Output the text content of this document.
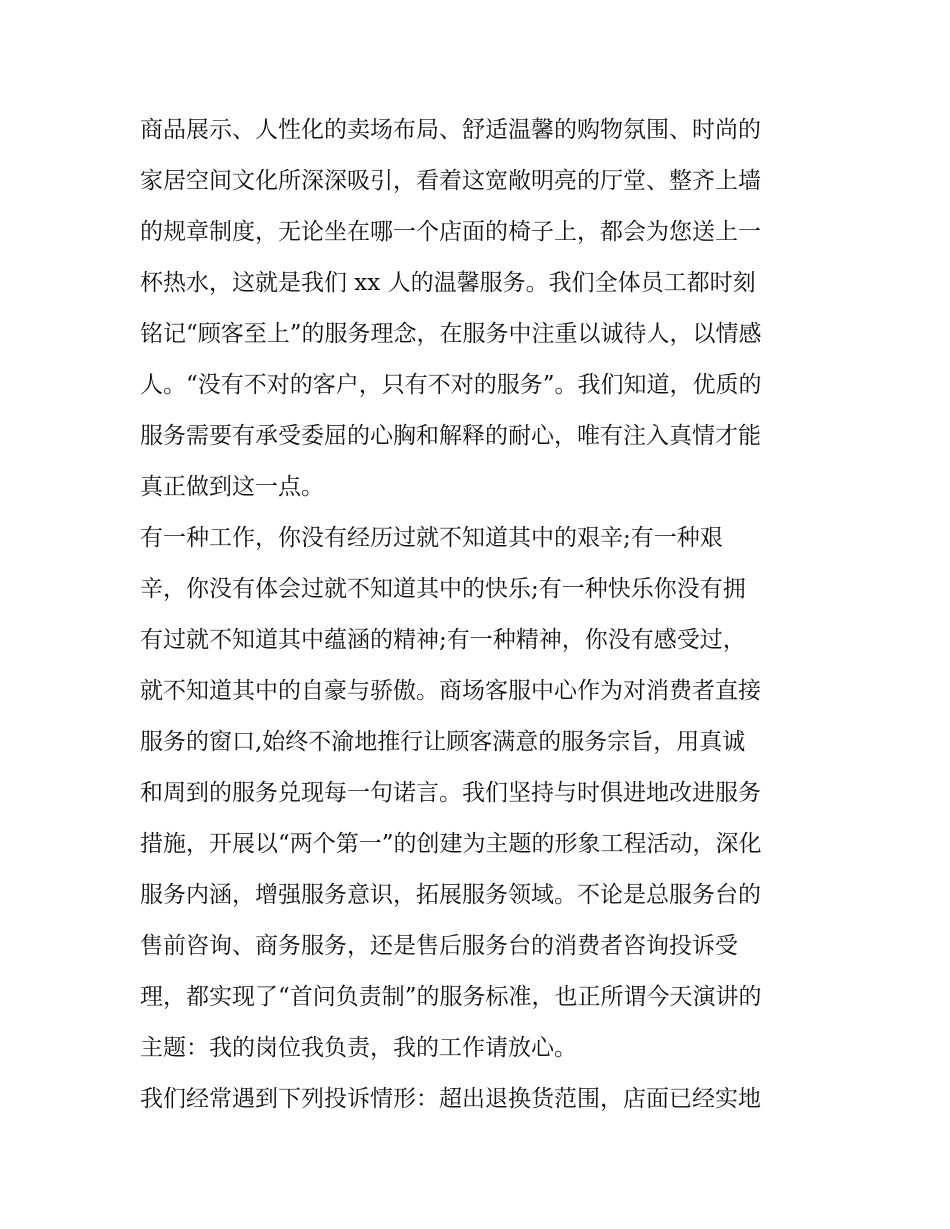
商品展示、人性化的卖场布局、舒适温馨的购物氛围、时尚的
家居空间文化所深深吸引，看着这宽敞明亮的厅堂、整齐上墙
的规章制度，无论坐在哪一个店面的椅子上，都会为您送上一
杯热水，这就是我们 xx 人的温馨服务。我们全体员工都时刻
铭记“顾客至上”的服务理念，在服务中注重以诚待人，以情感
人。“没有不对的客户，只有不对的服务”。我们知道，优质的
服务需要有承受委屈的心胸和解释的耐心，唯有注入真情才能
真正做到这一点。
有一种工作，你没有经历过就不知道其中的艰辛;有一种艰
辛，你没有体会过就不知道其中的快乐;有一种快乐你没有拥
有过就不知道其中蕴涵的精神;有一种精神，你没有感受过，
就不知道其中的自豪与骄傲。商场客服中心作为对消费者直接
服务的窗口,始终不渝地推行让顾客满意的服务宗旨，用真诚
和周到的服务兑现每一句诺言。我们坚持与时俱进地改进服务
措施，开展以“两个第一”的创建为主题的形象工程活动，深化
服务内涵，增强服务意识，拓展服务领域。不论是总服务台的
售前咨询、商务服务，还是售后服务台的消费者咨询投诉受
理，都实现了“首问负责制”的服务标准，也正所谓今天演讲的
主题：我的岗位我负责，我的工作请放心。
我们经常遇到下列投诉情形：超出退换货范围，店面已经实地
